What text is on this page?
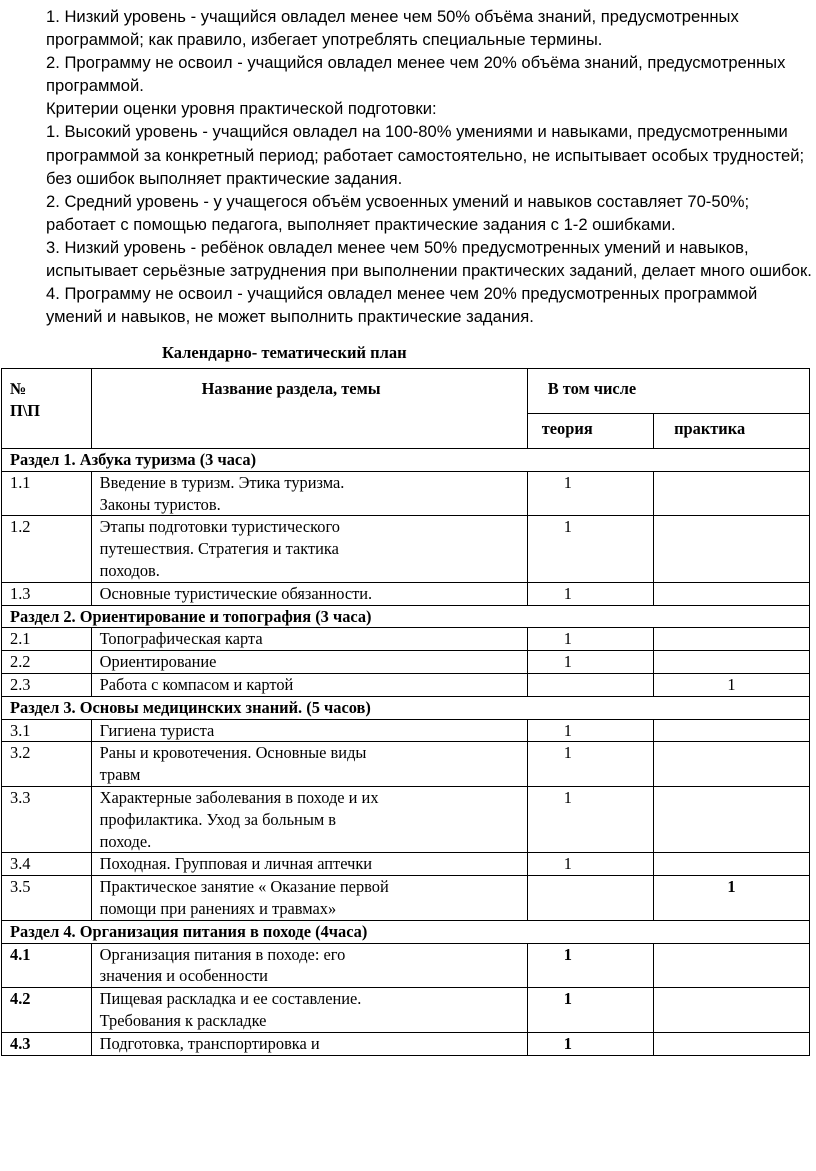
1. Низкий уровень - учащийся овладел менее чем 50% объёма знаний, предусмотренных программой; как правило, избегает употреблять специальные термины.

2. Программу не освоил - учащийся овладел менее чем 20% объёма знаний, предусмотренных программой.

Критерии оценки уровня практической подготовки:

1. Высокий уровень - учащийся овладел на 100-80% умениями и навыками, предусмотренными программой за конкретный период; работает самостоятельно, не испытывает особых трудностей; без ошибок выполняет практические задания.

2. Средний уровень - у учащегося объём усвоенных умений и навыков составляет 70-50%; работает с помощью педагога, выполняет практические задания с 1-2 ошибками.

3. Низкий уровень - ребёнок овладел менее чем 50% предусмотренных умений и навыков, испытывает серьёзные затруднения при выполнении практических заданий, делает много ошибок.

4. Программу не освоил - учащийся овладел менее чем 20% предусмотренных программой умений и навыков, не может выполнить практические задания.

Календарно- тематический план
№ П\П	Название раздела, темы	В том числе	
		теория	практика
Раздел 1. Азбука туризма (3 часа)			
1.1	Введение в туризм. Этика туризма. Законы туристов.	1	
1.2	Этапы подготовки туристического путешествия. Стратегия и тактика походов.	1	
1.3	Основные туристические обязанности.	1	
Раздел 2. Ориентирование и топография (3 часа)			
2.1	Топографическая карта	1	
2.2	Ориентирование	1	
2.3	Работа с компасом и картой		1
Раздел 3. Основы медицинских знаний. (5 часов)			
3.1	Гигиена туриста	1	
3.2	Раны и кровотечения. Основные виды травм	1	
3.3	Характерные заболевания в походе и их профилактика. Уход за больным в походе.	1	
3.4	Походная. Групповая и личная аптечки	1	
3.5	Практическое занятие « Оказание первой помощи при ранениях и травмах»		1
Раздел 4. Организация питания в походе (4часа)			
4.1	Организация питания в походе: его значения и особенности	1	
4.2	Пищевая раскладка и ее составление. Требования к раскладке	1	
4.3	Подготовка, транспортировка и	1	
